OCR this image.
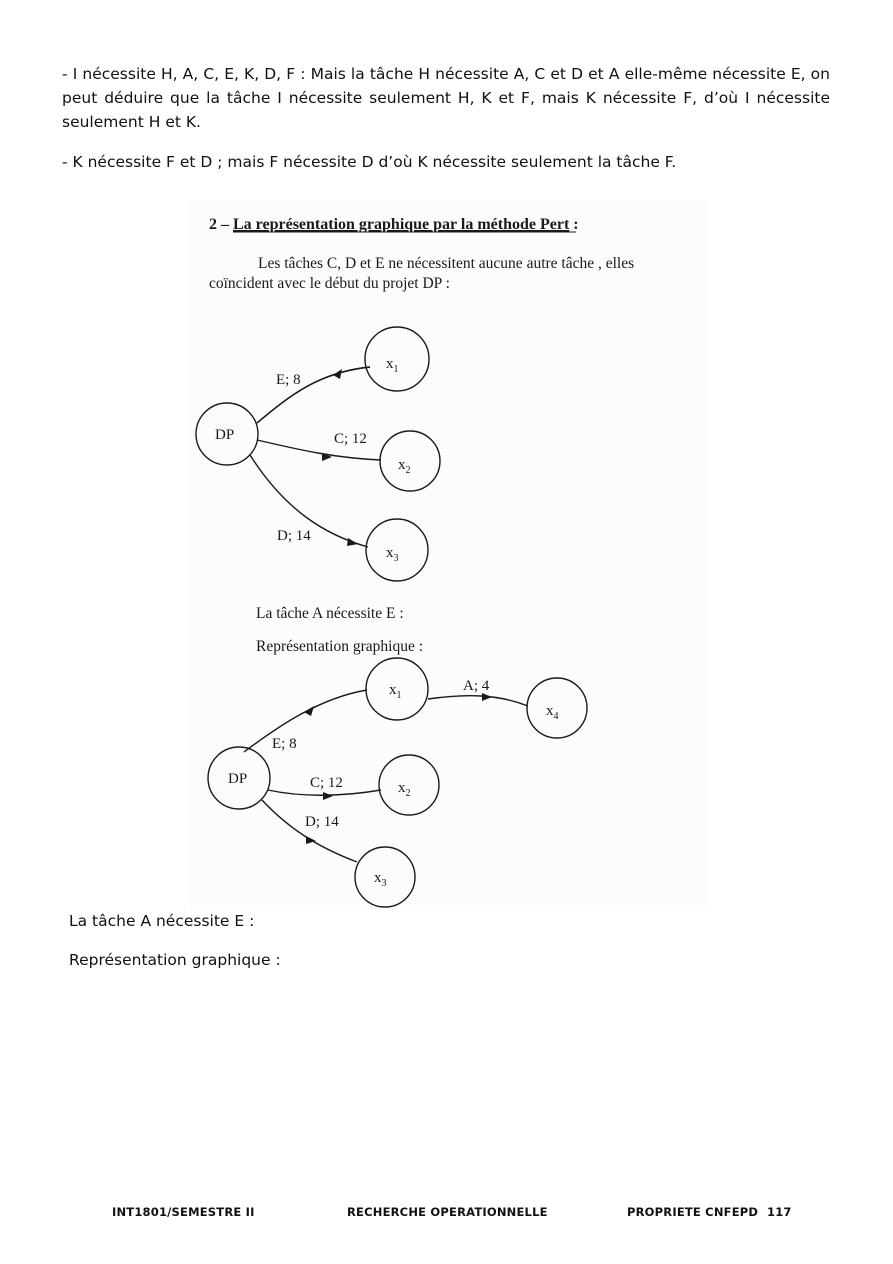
- I nécessite H, A, C, E, K, D, F : Mais la tâche H nécessite A, C et D et A elle-même nécessite E, on peut déduire que la tâche I nécessite seulement H, K et F, mais K nécessite F, d’où I nécessite seulement H et K.

- K nécessite F et D ; mais F nécessite D d’où K nécessite seulement la tâche F.

2 – La représentation graphique par la méthode Pert :
Les tâches C, D et E ne nécessitent aucune autre tâche , elles
coïncident avec le début du projet DP :
DP
$x_1$
$x_2$
$x_3$
E; 8
C; 12
D; 14
La tâche A nécessite E :
Représentation graphique :
DP
$x_1$
$x_2$
$x_3$
$x_4$
E; 8
C; 12
D; 14
A; 4

La tâche A nécessite E :

Représentation graphique :

INT1801/SEMESTRE II	RECHERCHE OPERATIONNELLE	PROPRIETE CNFEPD 117
